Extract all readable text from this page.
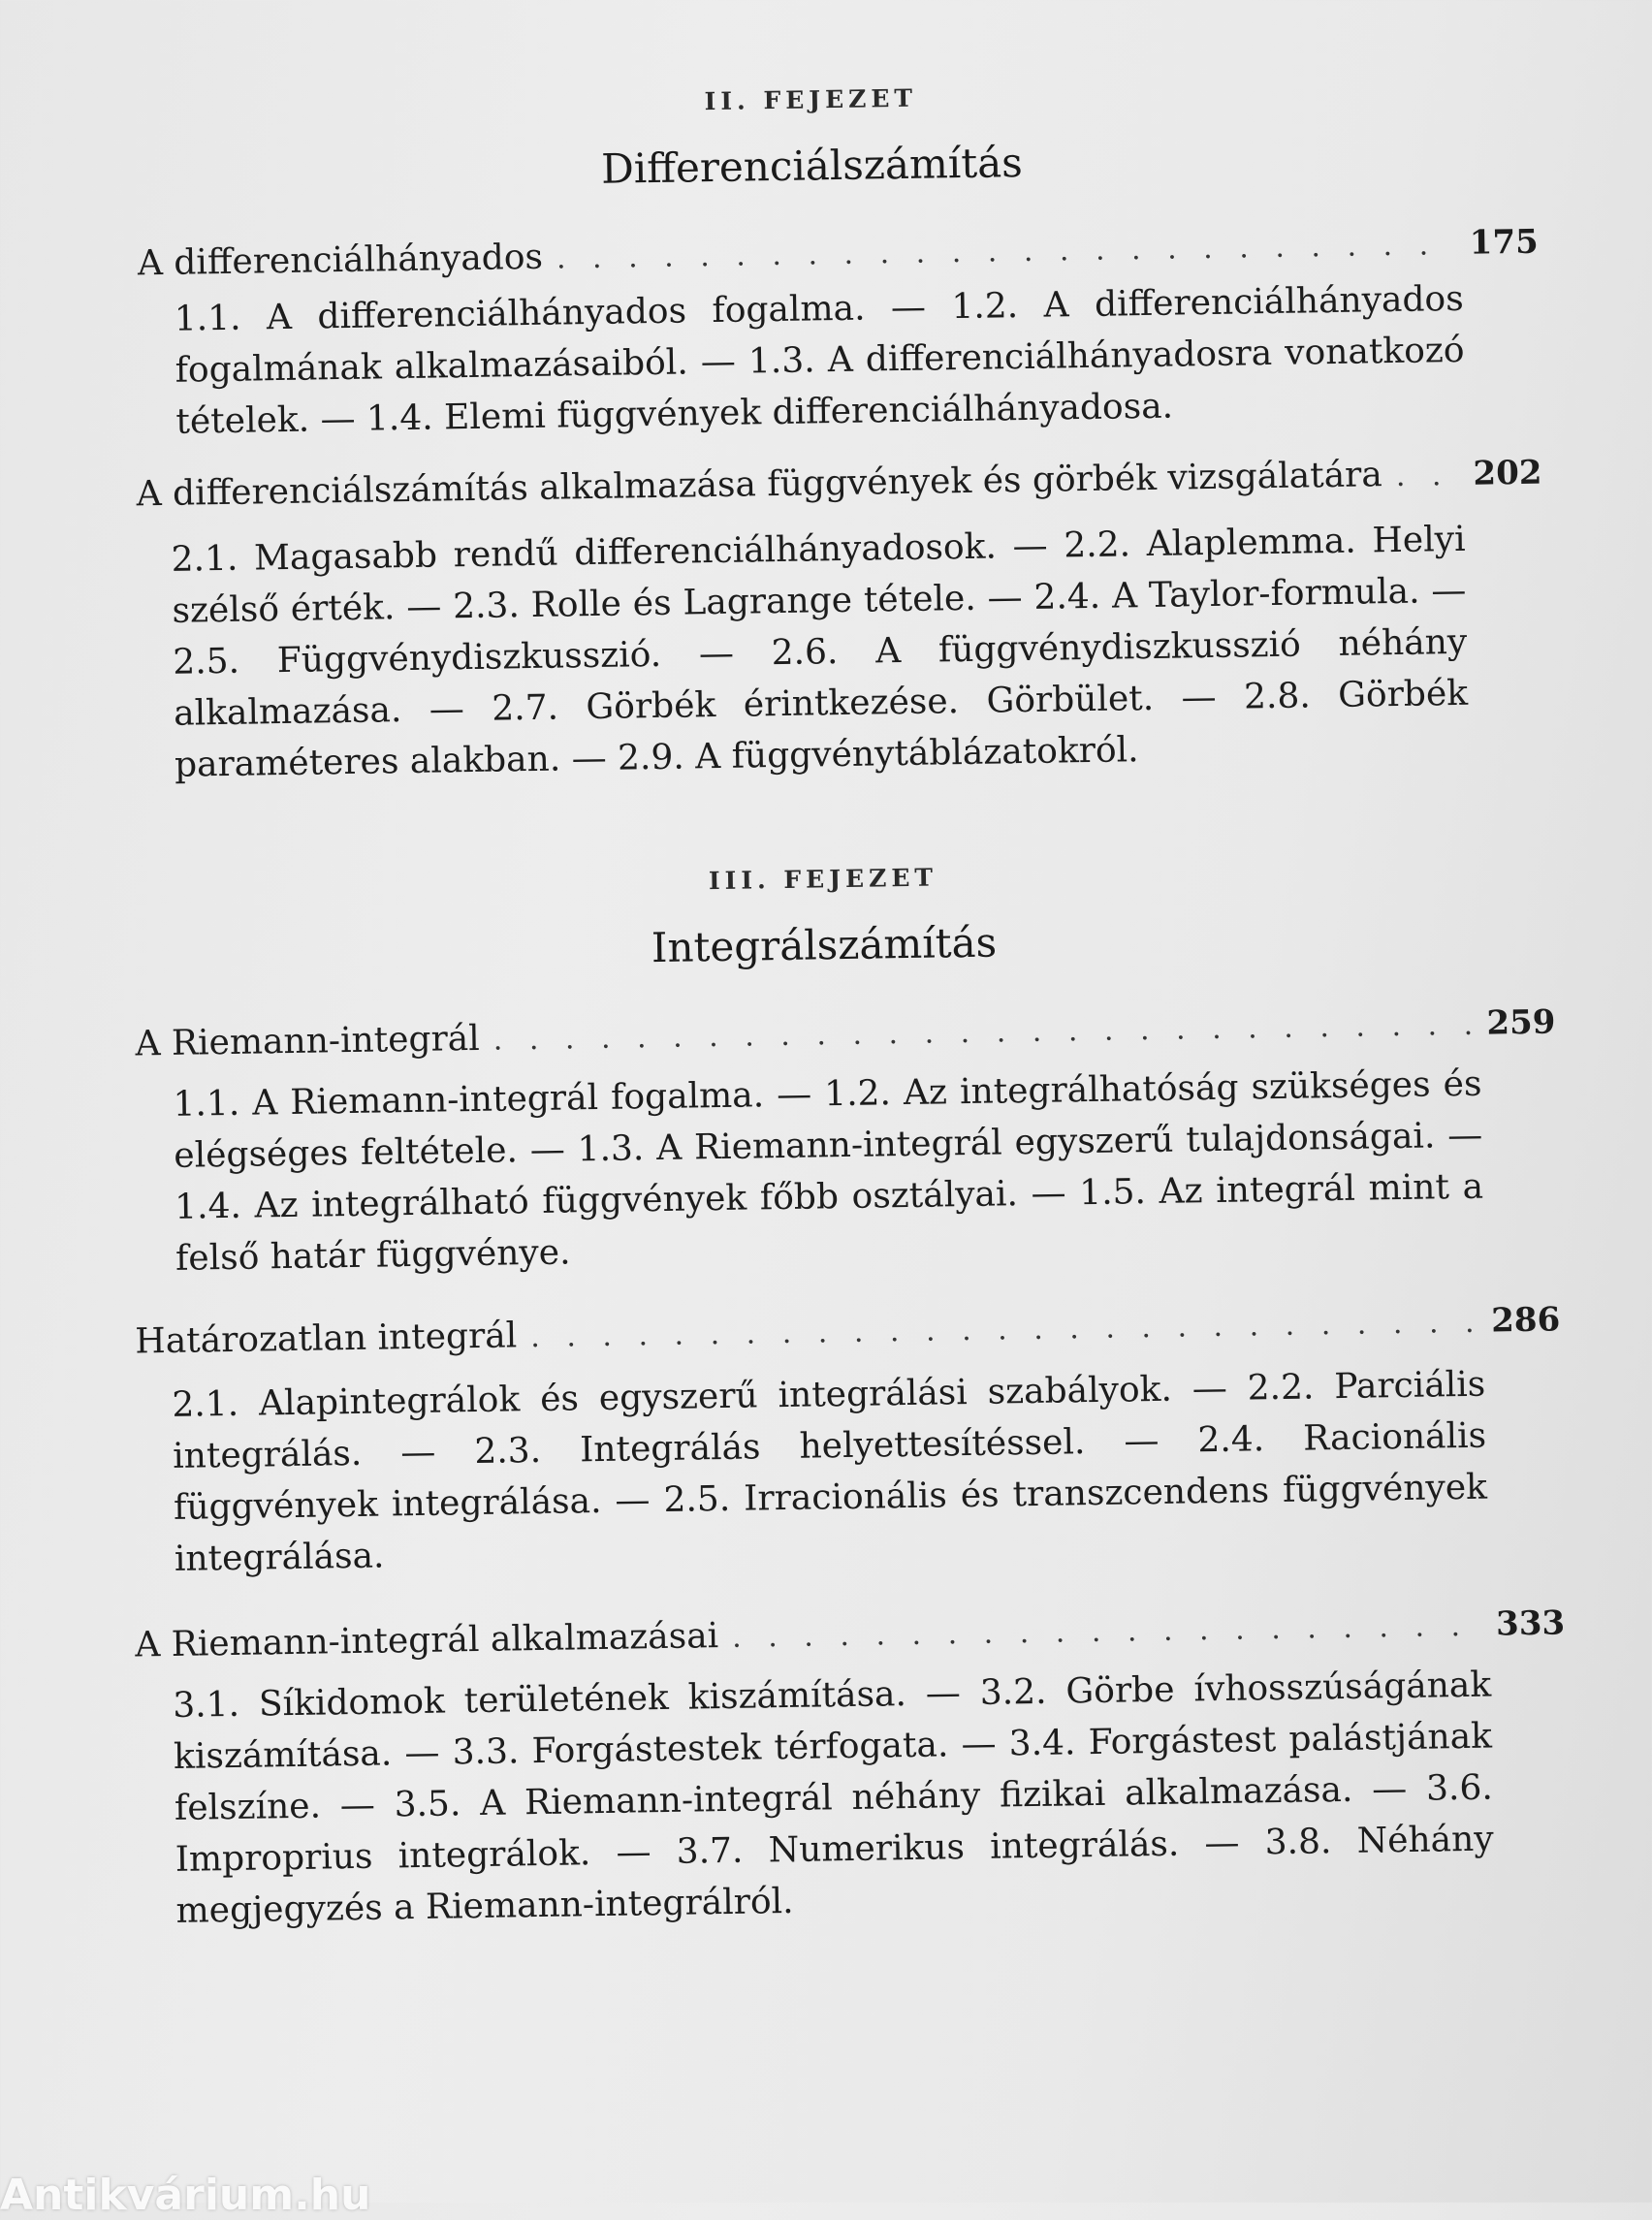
II. FEJEZET
Differenciálszámítás
A differenciálhányados . . .	175
1.1. A differenciálhányados fogalma. — 1.2. A differenciálhányados fogalmának alkalmazásaiból. — 1.3. A differenciálhányadosra vonatkozó tételek. — 1.4. Elemi függvények differenciálhányadosa.
A differenciálszámítás alkalmazása függvények és görbék vizsgálatára . . .	202
2.1. Magasabb rendű differenciálhányadosok. — 2.2. Alaplemma. Helyi szélső érték. — 2.3. Rolle és Lagrange tétele. — 2.4. A Taylor-formula. — 2.5. Függvénydiszkusszió. — 2.6. A függvénydiszkusszió néhány alkalmazása. — 2.7. Görbék érintkezése. Görbület. — 2.8. Görbék paraméteres alakban. — 2.9. A függvénytáblázatokról.
III. FEJEZET
Integrálszámítás
A Riemann-integrál . . .	259
1.1. A Riemann-integrál fogalma. — 1.2. Az integrálhatóság szükséges és elégséges feltétele. — 1.3. A Riemann-integrál egyszerű tulajdonságai. — 1.4. Az integrálható függvények főbb osztályai. — 1.5. Az integrál mint a felső határ függvénye.
Határozatlan integrál . . .	286
2.1. Alapintegrálok és egyszerű integrálási szabályok. — 2.2. Parciális integrálás. — 2.3. Integrálás helyettesítéssel. — 2.4. Racionális függvények integrálása. — 2.5. Irracionális és transzcendens függvények integrálása.
A Riemann-integrál alkalmazásai . . .	333
3.1. Síkidomok területének kiszámítása. — 3.2. Görbe ívhosszúságának kiszámítása. — 3.3. Forgástestek térfogata. — 3.4. Forgástest palástjának felszíne. — 3.5. A Riemann-integrál néhány fizikai alkalmazása. — 3.6. Improprius integrálok. — 3.7. Numerikus integrálás. — 3.8. Néhány megjegyzés a Riemann-integrálról.
Antikvárium.hu
